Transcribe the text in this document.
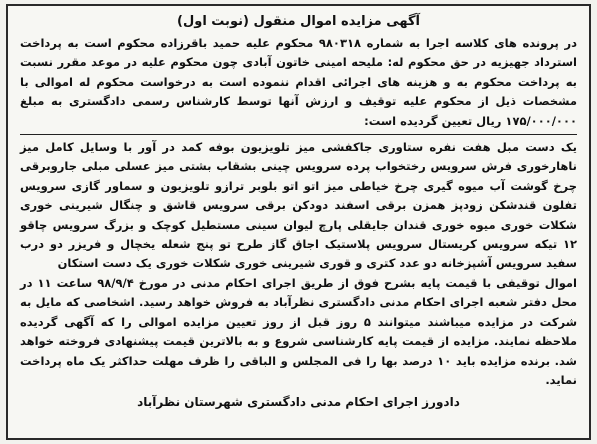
آگهی مزایده اموال منقول (نوبت اول)

در پرونده های کلاسه اجرا به شماره ۹۸۰۳۱۸ محکوم علیه حمید باقرزاده محکوم است به پرداخت استرداد جهیزیه در حق محکوم له: ملیحه امینی خاتون آبادی چون محکوم علیه در موعد مقرر نسبت به پرداخت محکوم به و هزینه های اجرائی اقدام ننموده است به درخواست محکوم له اموالی با مشخصات ذیل از محکوم علیه توقیف و ارزش آنها توسط کارشناس رسمی دادگستری به مبلغ ۱۷۵/۰۰۰/۰۰۰ ریال تعیین گردیده است:

یک دست مبل هفت نفره ستاوری جاکفشی میز تلویزیون بوفه کمد در آور با وسایل کامل میز ناهارخوری فرش سرویس رختخواب پرده سرویس چینی بشقاب بشتی میز عسلی مبلی جاروبرقی چرخ گوشت آب میوه گیری چرخ خیاطی میز اتو اتو بلوبر ترازو تلویزیون و سماور گازی سرویس تفلون قندشکن زودپز همزن برقی اسفند دودکن برقی سرویس قاشق و چنگال شیرینی خوری شکلات خوری میوه خوری قندان جایقلی پارچ لیوان سینی مستطیل کوچک و بزرگ سرویس چاقو ۱۲ تیکه سرویس کریستال سرویس پلاستیک اجاق گاز طرح تو پنج شعله یخچال و فریزر دو درب سفید سرویس آشپزخانه دو عدد کتری و قوری شیرینی خوری شکلات خوری یک دست استکان

اموال توقیفی با قیمت پایه بشرح فوق از طریق اجرای احکام مدنی در مورخ ۹۸/۹/۴ ساعت ۱۱ در محل دفتر شعبه اجرای احکام مدنی دادگستری نظرآباد به فروش خواهد رسید. اشخاصی که مایل به شرکت در مزایده میباشند میتوانند ۵ روز قبل از روز تعیین مزایده اموالی را که آگهی گردیده ملاحظه نمایند. مزایده از قیمت پایه کارشناسی شروع و به بالاترین قیمت پیشنهادی فروخته خواهد شد. برنده مزایده باید ۱۰ درصد بها را فی المجلس و الباقی را ظرف مهلت حداکثر یک ماه پرداخت نماید.

دادورز اجرای احکام مدنی دادگستری شهرستان نظرآباد
